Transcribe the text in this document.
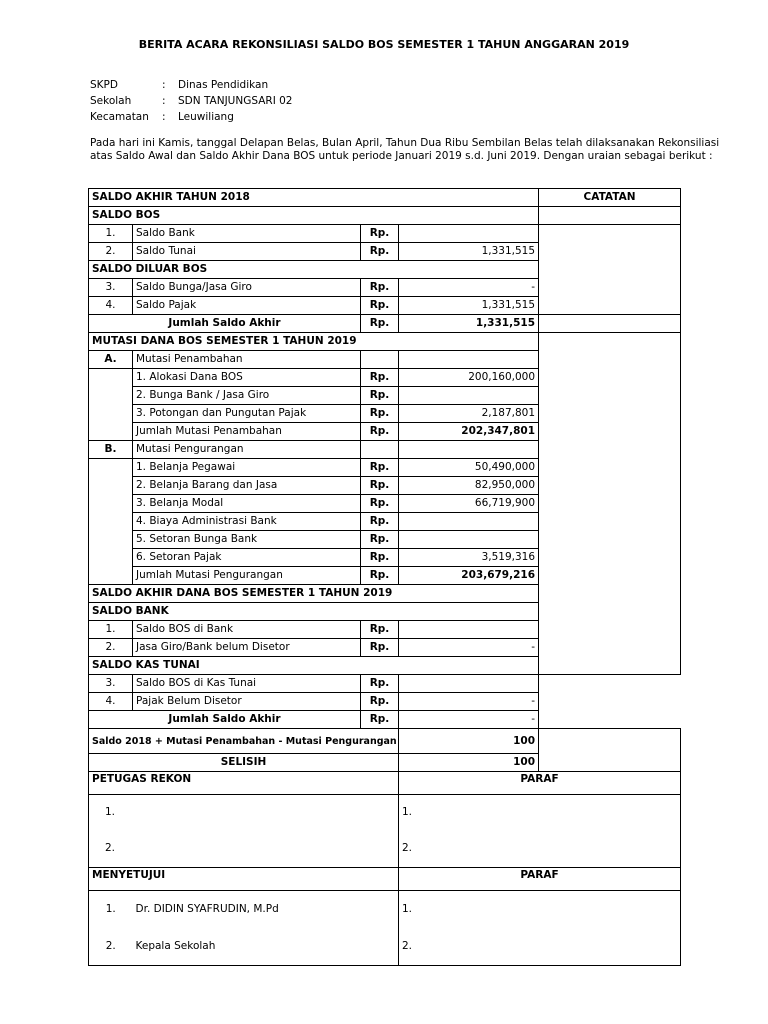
BERITA ACARA REKONSILIASI SALDO BOS SEMESTER 1 TAHUN ANGGARAN 2019
SKPD	: Dinas Pendidikan
Sekolah	: SDN TANJUNGSARI 02
Kecamatan : Leuwiliang
Pada hari ini Kamis, tanggal Delapan Belas, Bulan April, Tahun Dua Ribu Sembilan Belas telah dilaksanakan Rekonsiliasi atas Saldo Awal dan Saldo Akhir Dana BOS untuk periode Januari 2019 s.d. Juni 2019. Dengan uraian sebagai berikut :
SALDO AKHIR TAHUN 2018				CATATAN
SALDO BOS				
1.	Saldo Bank	Rp.		
2.	Saldo Tunai	Rp.	1,331,515	
SALDO DILUAR BOS				
3.	Saldo Bunga/Jasa Giro	Rp.	-	
4.	Saldo Pajak	Rp.	1,331,515	
Jumlah Saldo Akhir		Rp.	1,331,515	
MUTASI DANA BOS SEMESTER 1 TAHUN 2019				
A.	Mutasi Penambahan			
	1. Alokasi Dana BOS	Rp.	200,160,000	
	2. Bunga Bank / Jasa Giro	Rp.		
	3. Potongan dan Pungutan Pajak	Rp.	2,187,801	
	Jumlah Mutasi Penambahan	Rp.	202,347,801	
B.	Mutasi Pengurangan			
	1. Belanja Pegawai	Rp.	50,490,000	
	2. Belanja Barang dan Jasa	Rp.	82,950,000	
	3. Belanja Modal	Rp.	66,719,900	
	4. Biaya Administrasi Bank	Rp.		
	5. Setoran Bunga Bank	Rp.		
	6. Setoran Pajak	Rp.	3,519,316	
	Jumlah Mutasi Pengurangan	Rp.	203,679,216	
SALDO AKHIR DANA BOS SEMESTER 1 TAHUN 2019				
SALDO BANK				
1.	Saldo BOS di Bank	Rp.		
2.	Jasa Giro/Bank belum Disetor	Rp.	-	
SALDO KAS TUNAI				
3.	Saldo BOS di Kas Tunai	Rp.		
4.	Pajak Belum Disetor	Rp.	-	
Jumlah Saldo Akhir		Rp.	-	
Saldo 2018 + Mutasi Penambahan - Mutasi Pengurangan			100	
SELISIH			100	
PETUGAS REKON			PARAF	
1.			1.	
2.			2.	
MENYETUJUI			PARAF	
1.	Dr. DIDIN SYAFRUDIN, M.Pd		1.	
2.	Kepala Sekolah		2.	
